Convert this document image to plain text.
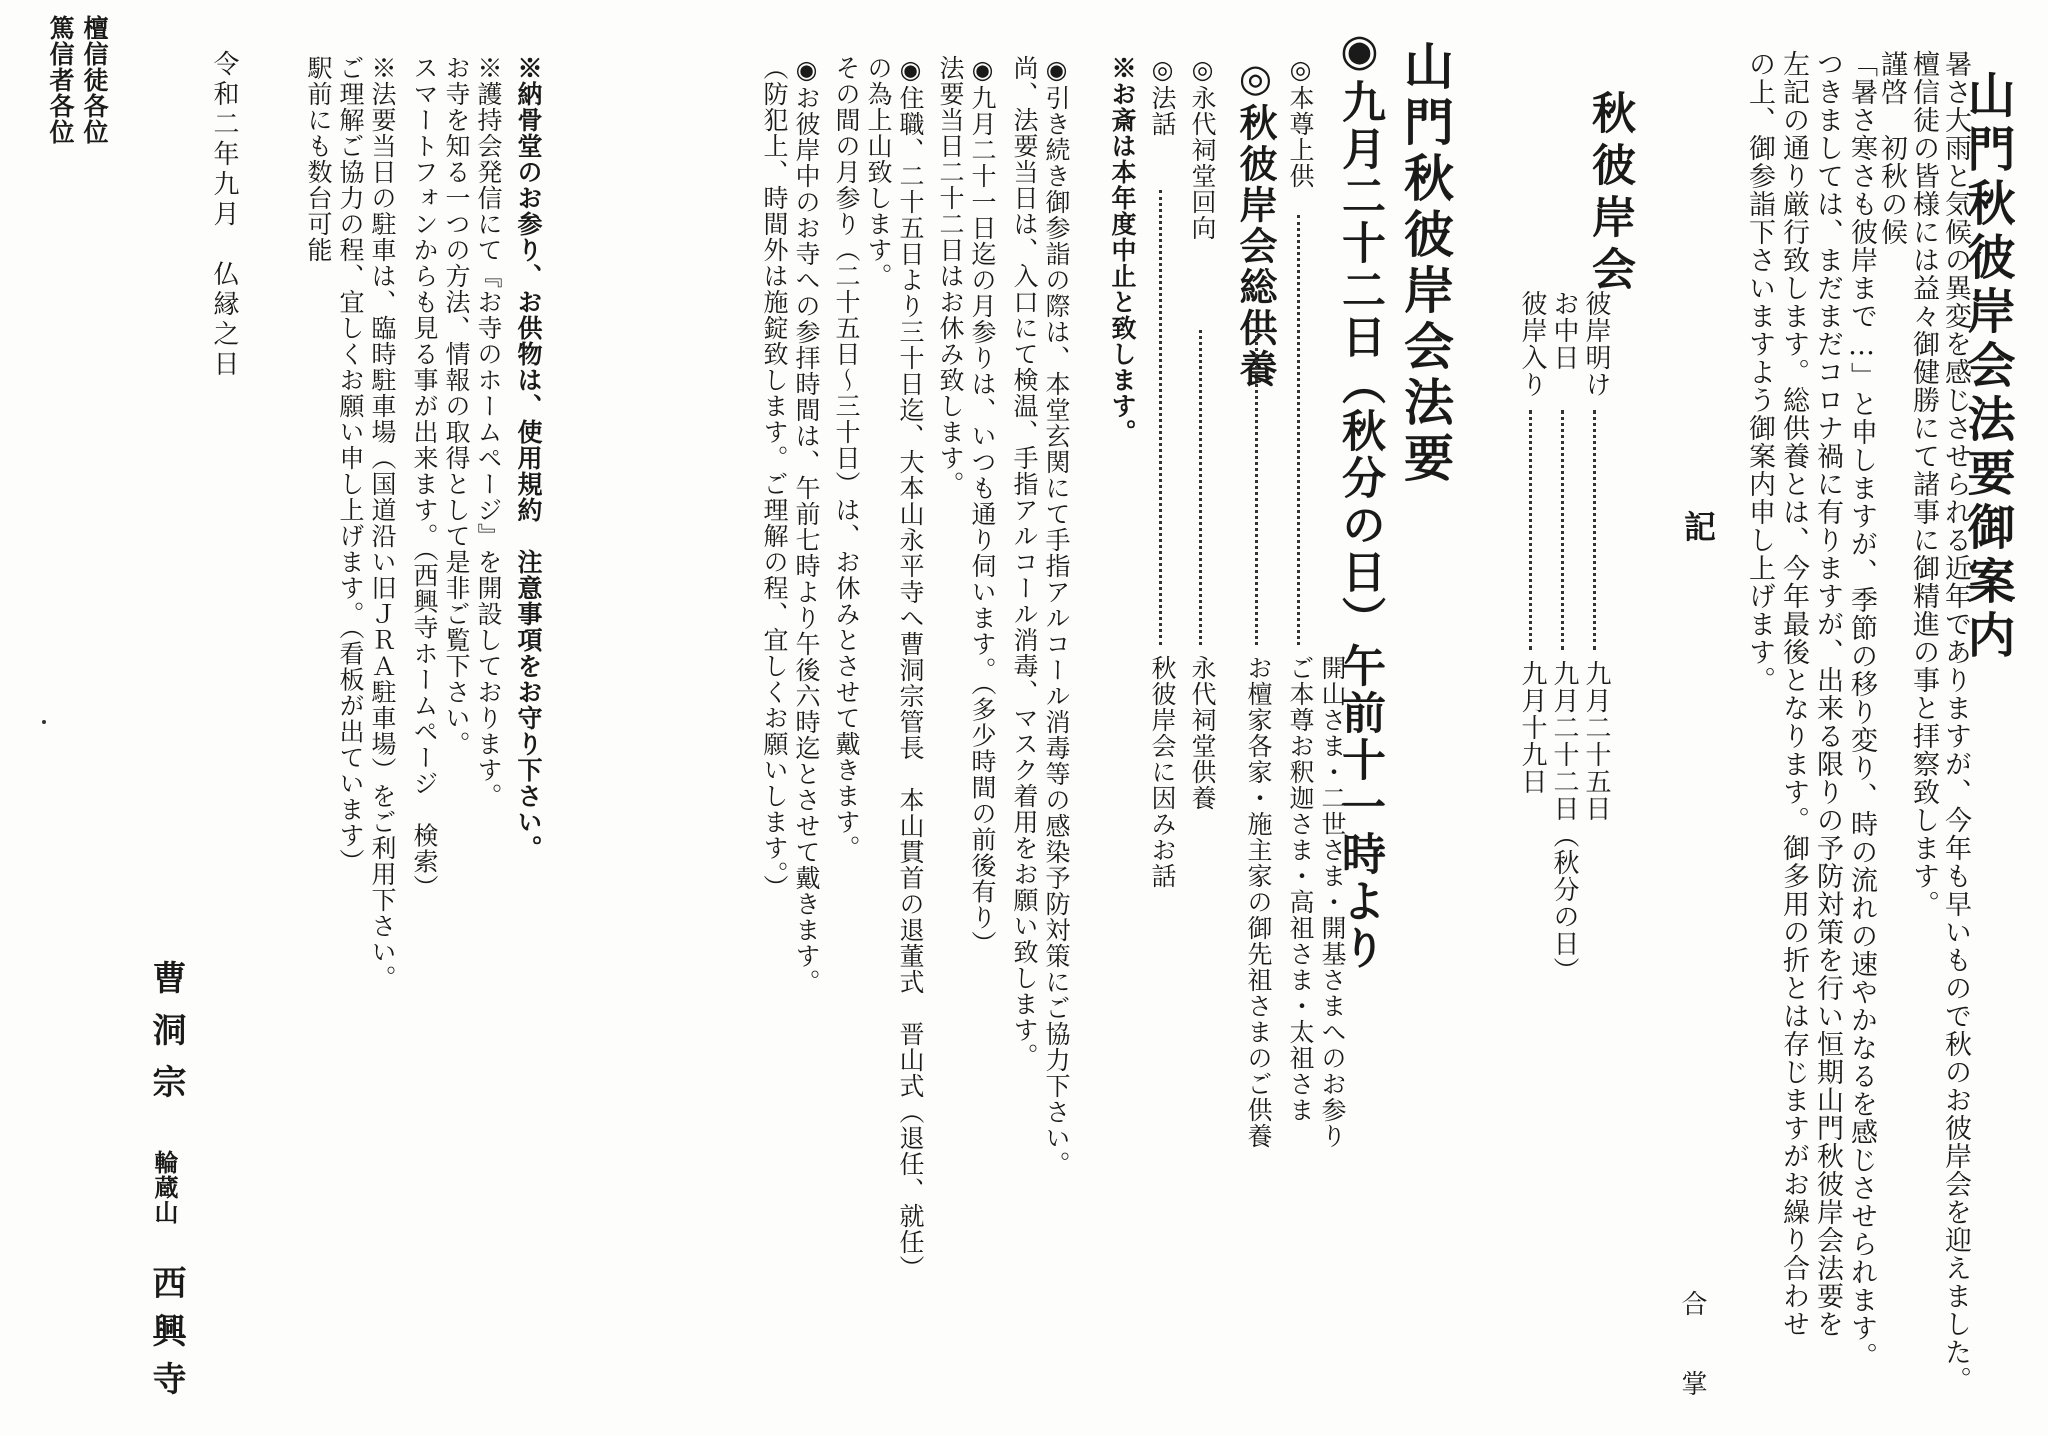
山門秋彼岸会法要御案内
謹啓　初秋の候 檀信徒の皆様には益々御健勝にて諸事に御精進の事と拝察致します。 暑さ大雨と気候の異変を感じさせられる近年でありますが、今年も早いもので秋のお彼岸会を迎えました。
「暑さ寒さも彼岸まで…」と申しますが、季節の移り変り、時の流れの速やかなるを感じさせられます。
つきましては、まだまだコロナ禍に有りますが、出来る限りの予防対策を行い恒期山門秋彼岸会法要を
左記の通り厳行致します。総供養とは、今年最後となります。御多用の折とは存じますがお繰り合わせ
の上、御参詣下さいますよう御案内申し上げます。
記
合　掌
秋彼岸会
彼岸入り
九月十九日
お中日
九月二十二日（秋分の日）
彼岸明け
九月二十五日
山門秋彼岸会法要
◉九月二十二日（秋分の日）午前十一時より
◎本尊上供
ご本尊お釈迦さま・高祖さま・太祖さま 開山さま・二世さま・開基さまへのお参り
◎秋彼岸会総供養
お檀家各家・施主家の御先祖さまのご供養
◎永代祠堂回向
永代祠堂供養
◎法話
秋彼岸会に因みお話
※お斎は本年度中止と致します。
◉引き続き御参詣の際は、本堂玄関にて手指アルコール消毒等の感染予防対策にご協力下さい。
尚、法要当日は、入口にて検温、手指アルコール消毒、マスク着用をお願い致します。
◉九月二十一日迄の月参りは、いつも通り伺います。（多少時間の前後有り）
法要当日二十二日はお休み致します。
◉住職、二十五日より三十日迄、大本山永平寺へ曹洞宗管長　本山貫首の退董式　晋山式（退任、就任）
の為上山致します。
その間の月参り（二十五日〜三十日）は、お休みとさせて戴きます。
◉お彼岸中のお寺への参拝時間は、午前七時より午後六時迄とさせて戴きます。
（防犯上、時間外は施錠致します。ご理解の程、宜しくお願いします。）
※納骨堂のお参り、お供物は、使用規約　注意事項をお守り下さい。
※護持会発信にて『お寺のホームページ』を開設しております。
お寺を知る一つの方法、情報の取得として是非ご覧下さい。
スマートフォンからも見る事が出来ます。（西興寺ホームページ　検索）
※法要当日の駐車は、臨時駐車場（国道沿い旧ＪＲＡ駐車場）をご利用下さい。
ご理解ご協力の程、宜しくお願い申し上げます。（看板が出ています）
駅前にも数台可能
令和二年九月　仏縁之日
曹洞宗
輪蔵山
西興寺
檀信徒各位
篤信者各位
